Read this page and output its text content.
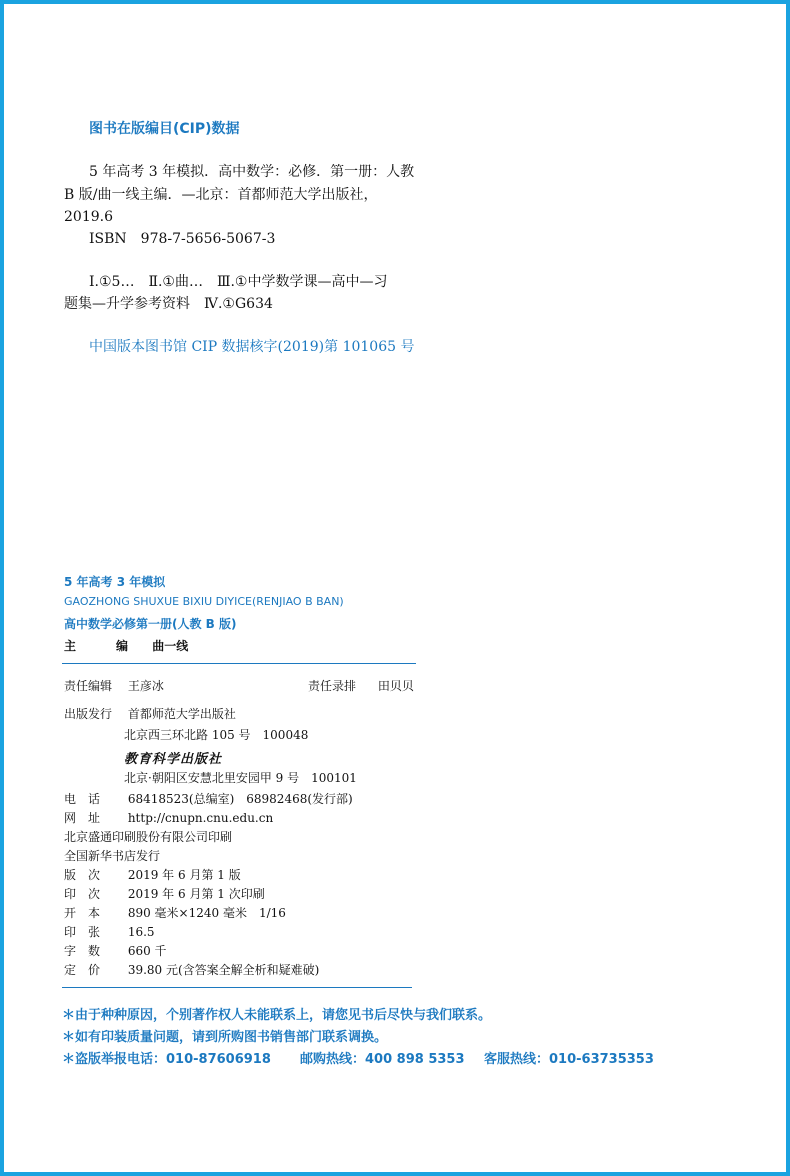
图书在版编目(CIP)数据
5 年高考 3 年模拟．高中数学：必修．第一册：人教
B 版/曲一线主编．—北京：首都师范大学出版社，
2019.6
ISBN　978-7-5656-5067-3
Ⅰ.①5…　Ⅱ.①曲…　Ⅲ.①中学数学课—高中—习
题集—升学参考资料　Ⅳ.①G634
中国版本图书馆 CIP 数据核字(2019)第 101065 号
5 年高考 3 年模拟
GAOZHONG SHUXUE BIXIU DIYICE(RENJIAO B BAN)
高中数学必修第一册(人教 B 版)
主　编 曲一线
责任编辑 王彦冰	责任录排 田贝贝
出版发行 首都师范大学出版社
北京西三环北路 105 号　100048
教育科学出版社
北京·朝阳区安慧北里安园甲 9 号　100101
电　话 68418523(总编室)　68982468(发行部)
网　址 http://cnupn.cnu.edu.cn
北京盛通印刷股份有限公司印刷
全国新华书店发行
版　次 2019 年 6 月第 1 版
印　次 2019 年 6 月第 1 次印刷
开　本 890 毫米×1240 毫米　1/16
印　张 16.5
字　数 660 千
定　价 39.80 元(含答案全解全析和疑难破)
＊由于种种原因，个别著作权人未能联系上，请您见书后尽快与我们联系。
＊如有印装质量问题，请到所购图书销售部门联系调换。
＊盗版举报电话：010-87606918 邮购热线：400 898 5353 客服热线：010-63735353
